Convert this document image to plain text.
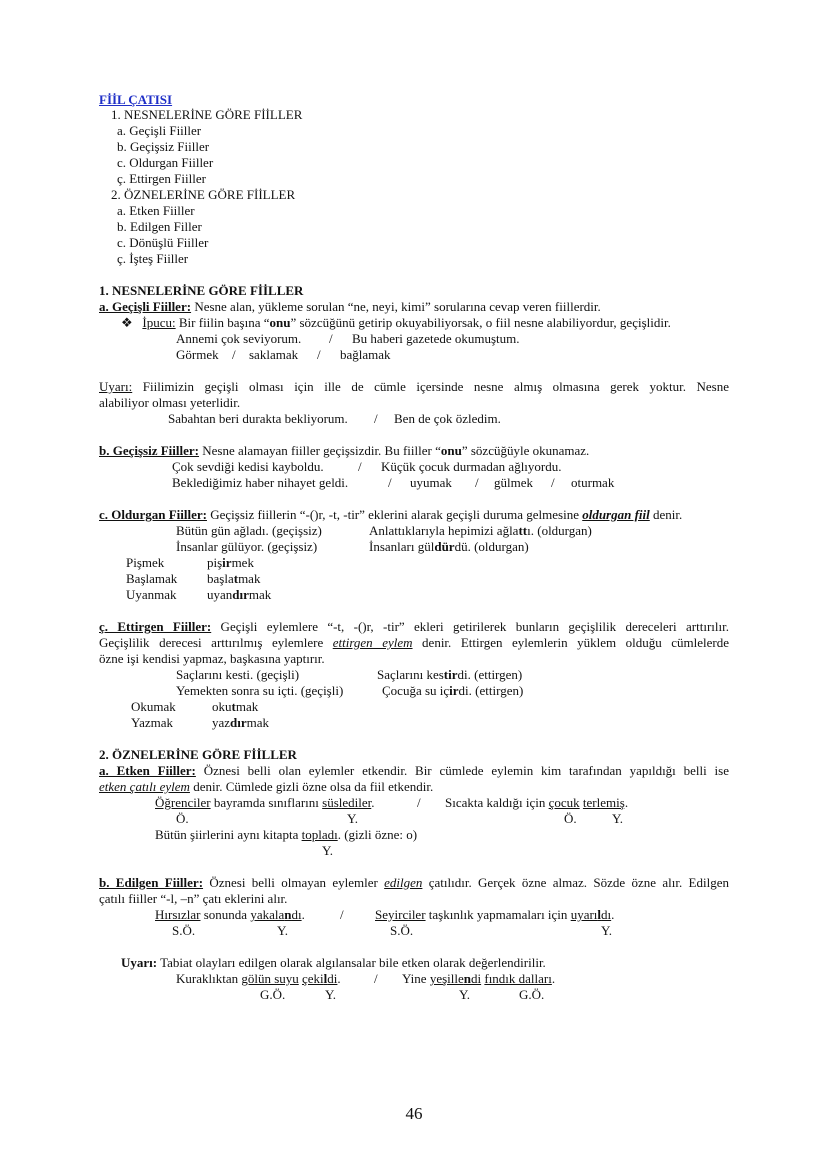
FİİL ÇATISI
1. NESNELERİNE GÖRE FİİLLER
a. Geçişli Fiiller
b. Geçişsiz Fiiller
c. Oldurgan Fiiller
ç. Ettirgen Fiiller
2. ÖZNELERİNE GÖRE FİİLLER
a. Etken Fiiller
b. Edilgen Filler
c. Dönüşlü Fiiller
ç. İşteş Fiiller
1. NESNELERİNE GÖRE FİİLLER
a. Geçişli Fiiller: Nesne alan, yükleme sorulan “ne, neyi, kimi” sorularına cevap veren fiillerdir.
❖ İpucu: Bir fiilin başına “onu” sözcüğünü getirip okuyabiliyorsak, o fiil nesne alabiliyordur, geçişlidir.
Annemi çok seviyorum. / Bu haberi gazetede okumuştum.
Görmek / saklamak / bağlamak
Uyarı: Fiilimizin geçişli olması için ille de cümle içersinde nesne almış olmasına gerek yoktur. Nesne
alabiliyor olması yeterlidir.
Sabahtan beri durakta bekliyorum. / Ben de çok özledim.
b. Geçişsiz Fiiller: Nesne alamayan fiiller geçişsizdir. Bu fiiller “onu” sözcüğüyle okunamaz.
Çok sevdiği kedisi kayboldu.	/ Küçük çocuk durmadan ağlıyordu.
Beklediğimiz haber nihayet geldi.	/ uyumak / gülmek / oturmak
c. Oldurgan Fiiller: Geçişsiz fiillerin “-()r, -t, -tir” eklerini alarak geçişli duruma gelmesine oldurgan fiil denir.
Bütün gün ağladı. (geçişsiz)	Anlattıklarıyla hepimizi ağlattı. (oldurgan)
İnsanlar gülüyor. (geçişsiz)	İnsanları güldürdü. (oldurgan)
Pişmek	pişirmek
Başlamak başlatmak
Uyanmak uyandırmak
ç. Ettirgen Fiiller: Geçişli eylemlere “-t, -()r, -tir” ekleri getirilerek bunların geçişlilik dereceleri arttırılır.
Geçişlilik derecesi arttırılmış eylemlere ettirgen eylem denir. Ettirgen eylemlerin yüklem olduğu cümlelerde
özne işi kendisi yapmaz, başkasına yaptırır.
Saçlarını kesti. (geçişli)	Saçlarını kestirdi. (ettirgen)
Yemekten sonra su içti. (geçişli)	Çocuğa su içirdi. (ettirgen)
Okumak	okutmak
Yazmak	yazdırmak
2. ÖZNELERİNE GÖRE FİİLLER
a. Etken Fiiller: Öznesi belli olan eylemler etkendir. Bir cümlede eylemin kim tarafından yapıldığı belli ise
etken çatılı eylem denir. Cümlede gizli özne olsa da fiil etkendir.
Öğrenciler bayramda sınıflarını süslediler.	/ Sıcakta kaldığı için çocuk terlemiş.
Ö.	Y.	Ö.	Y.
Bütün şiirlerini aynı kitapta topladı. (gizli özne: o)
Y.
b. Edilgen Fiiller: Öznesi belli olmayan eylemler edilgen çatılıdır. Gerçek özne almaz. Sözde özne alır. Edilgen
çatılı fiiller “-l, –n” çatı eklerini alır.
Hırsızlar sonunda yakalandı.	/ Seyirciler taşkınlık yapmamaları için uyarıldı.
S.Ö.	Y.	S.Ö.	Y.
Uyarı: Tabiat olayları edilgen olarak algılansalar bile etken olarak değerlendirilir.
Kuraklıktan gölün suyu çekildi.	/ Yine yeşillendi fındık dalları.
G.Ö.	Y.	Y.	G.Ö.
46
